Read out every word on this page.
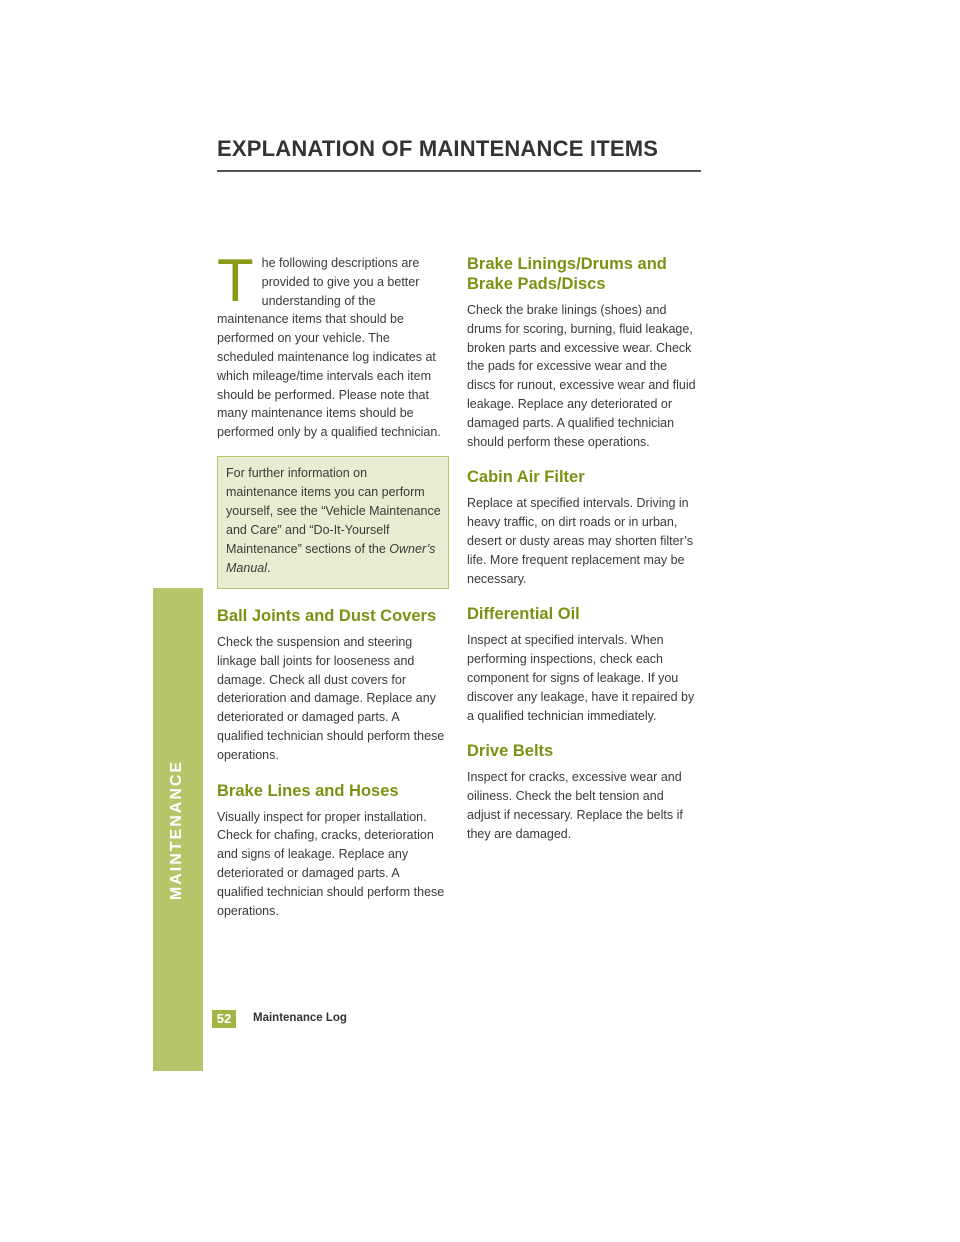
MAINTENANCE
EXPLANATION OF MAINTENANCE ITEMS

The following descriptions are provided to give you a better understanding of the maintenance items that should be performed on your vehicle. The scheduled maintenance log indicates at which mileage/time intervals each item should be performed. Please note that many maintenance items should be performed only by a qualified technician.

For further information on maintenance items you can perform yourself, see the “Vehicle Maintenance and Care” and “Do-It-Yourself Maintenance” sections of the Owner’s Manual.

Ball Joints and Dust Covers

Check the suspension and steering linkage ball joints for looseness and damage. Check all dust covers for deterioration and damage. Replace any deteriorated or damaged parts. A qualified technician should perform these operations.

Brake Lines and Hoses

Visually inspect for proper installation. Check for chafing, cracks, deterioration and signs of leakage. Replace any deteriorated or damaged parts. A qualified technician should perform these operations.

Brake Linings/Drums and Brake Pads/Discs

Check the brake linings (shoes) and drums for scoring, burning, fluid leakage, broken parts and excessive wear. Check the pads for excessive wear and the discs for runout, excessive wear and fluid leakage. Replace any deteriorated or damaged parts. A qualified technician should perform these operations.

Cabin Air Filter

Replace at specified intervals. Driving in heavy traffic, on dirt roads or in urban, desert or dusty areas may shorten filter’s life. More frequent replacement may be necessary.

Differential Oil

Inspect at specified intervals. When performing inspections, check each component for signs of leakage. If you discover any leakage, have it repaired by a qualified technician immediately.

Drive Belts

Inspect for cracks, excessive wear and oiliness. Check the belt tension and adjust if necessary. Replace the belts if they are damaged.

52	Maintenance Log
